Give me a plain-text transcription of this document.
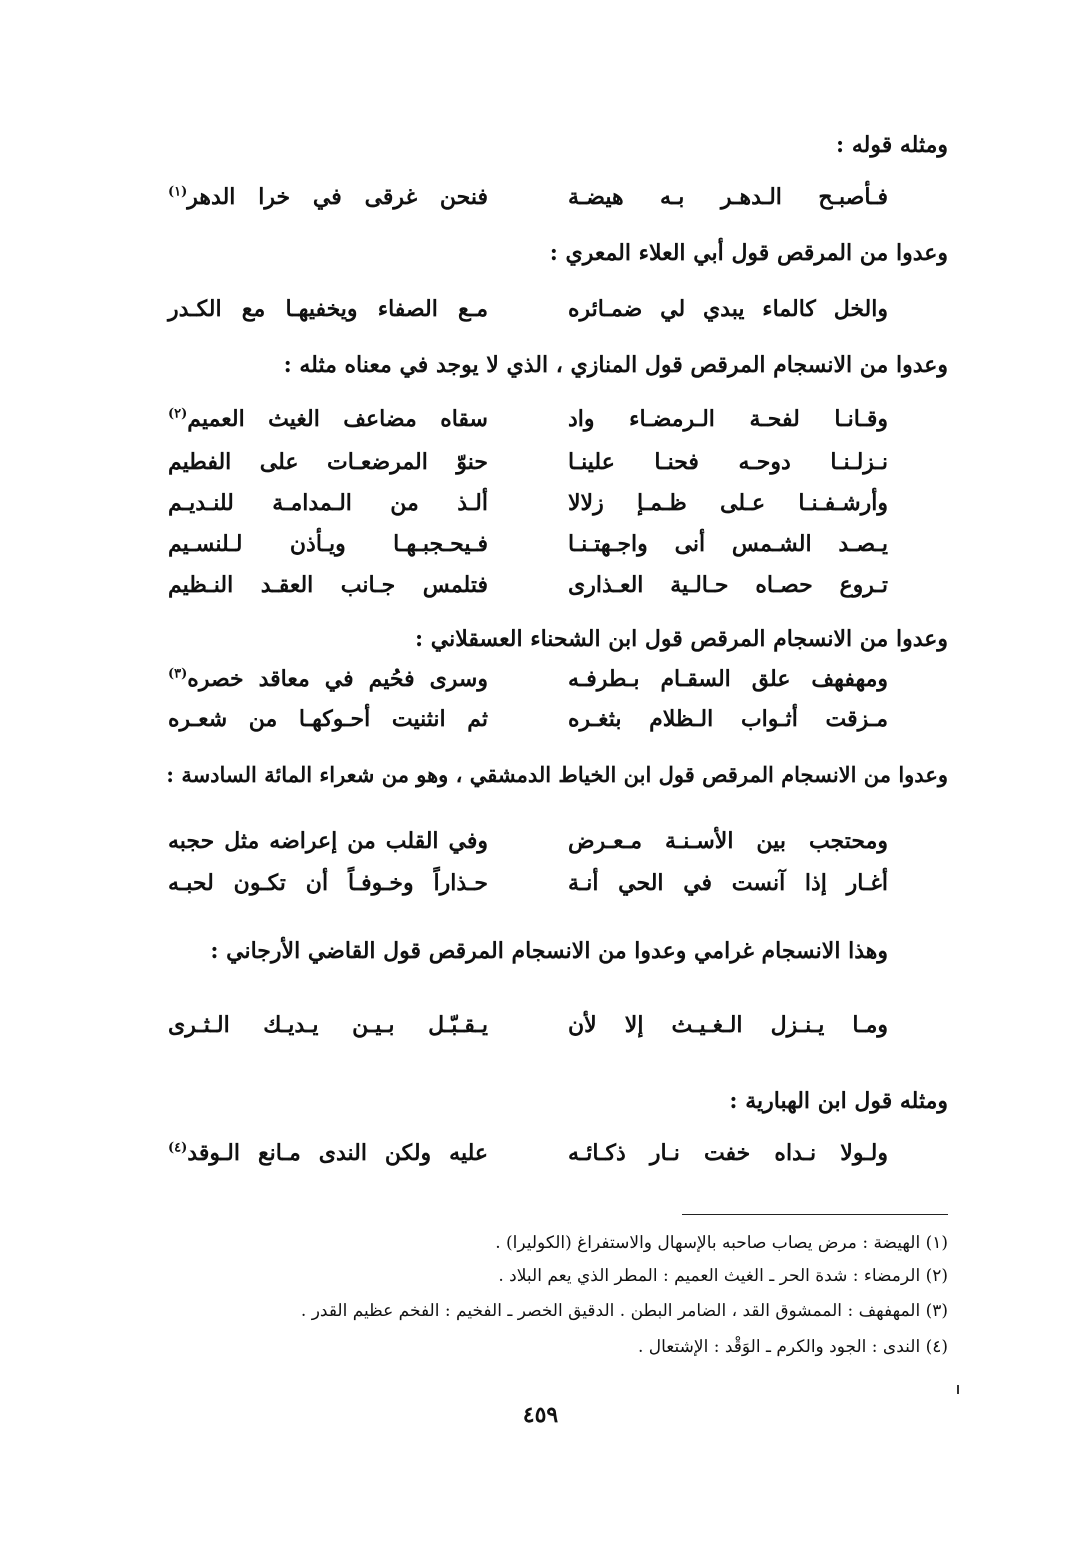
ومثله قوله :
فـأصبـح الـدهـر بـه هيضـة
فنحن غرقى في خرا الدهر$^{(١)}$
وعدوا من المرقص قول أبي العلاء المعري :
والخل كالماء يبدي لي ضمـائره
مـع الصفاء ويخفيهـا مع الكـدر
وعدوا من الانسجام المرقص قول المنازي ، الذي لا يوجد في معناه مثله :
وقـانـا لفحـة الـرمضـاء واد
سقاه مضاعف الغيث العميم$^{(٢)}$
نـزلـنـا دوحـه فحنـا علينـا
حنوّ المرضعـات على الفطيم
وأرشـفـنـا عـلى ظـمـإ زلالا
ألـذ من الـمدامـة للنـديـم
يـصـد الشـمس أنى واجـهتـنـا
فـيحـجبـهـا ويـأذن لـلنسـيم
تـروع حصـاه حـالـية العـذارى
فتلمس جـانب العقـد النـظيم
وعدوا من الانسجام المرقص قول ابن الشحناء العسقلاني :
ومهفهف علق السقـام بـطرفـه
وسرى فحُيم في معاقد خصره$^{(٣)}$
مـزقت أثـواب الـظلام بثغـره
ثم انثنيت أحـوكهـا من شعـره
وعدوا من الانسجام المرقص قول ابن الخياط الدمشقي ، وهو من شعراء المائة السادسة :
ومحتجب بين الأسـنـة مـعـرض
وفي القلب من إعراضه مثل حجبه
أغـار إذا آنست في الحي أنـة
حـذاراً وخـوفـاً أن تكـون لحبـه
وهذا الانسجام غرامي وعدوا من الانسجام المرقص قول القاضي الأرجاني :
ومـا يـنـزل الـغـيـث إلا لأن
يـقـبّـل بـيـن يـديـك الـثـرى
ومثله قول ابن الهبارية :
ولـولا نـداه خفت نـار ذكـائـه
عليه ولكن الندى مـانع الـوقد$^{(٤)}$
(١) الهيضة : مرض يصاب صاحبه بالإسهال والاستفراغ (الكوليرا) .
(٢) الرمضاء : شدة الحر ـ الغيث العميم : المطر الذي يعم البلاد .
(٣) المهفهف : الممشوق القد ، الضامر البطن . الدقيق الخصر ـ الفخيم : الفخم عظيم القدر .
(٤) الندى : الجود والكرم ـ الوَقْد : الإشتعال .
٤٥٩
